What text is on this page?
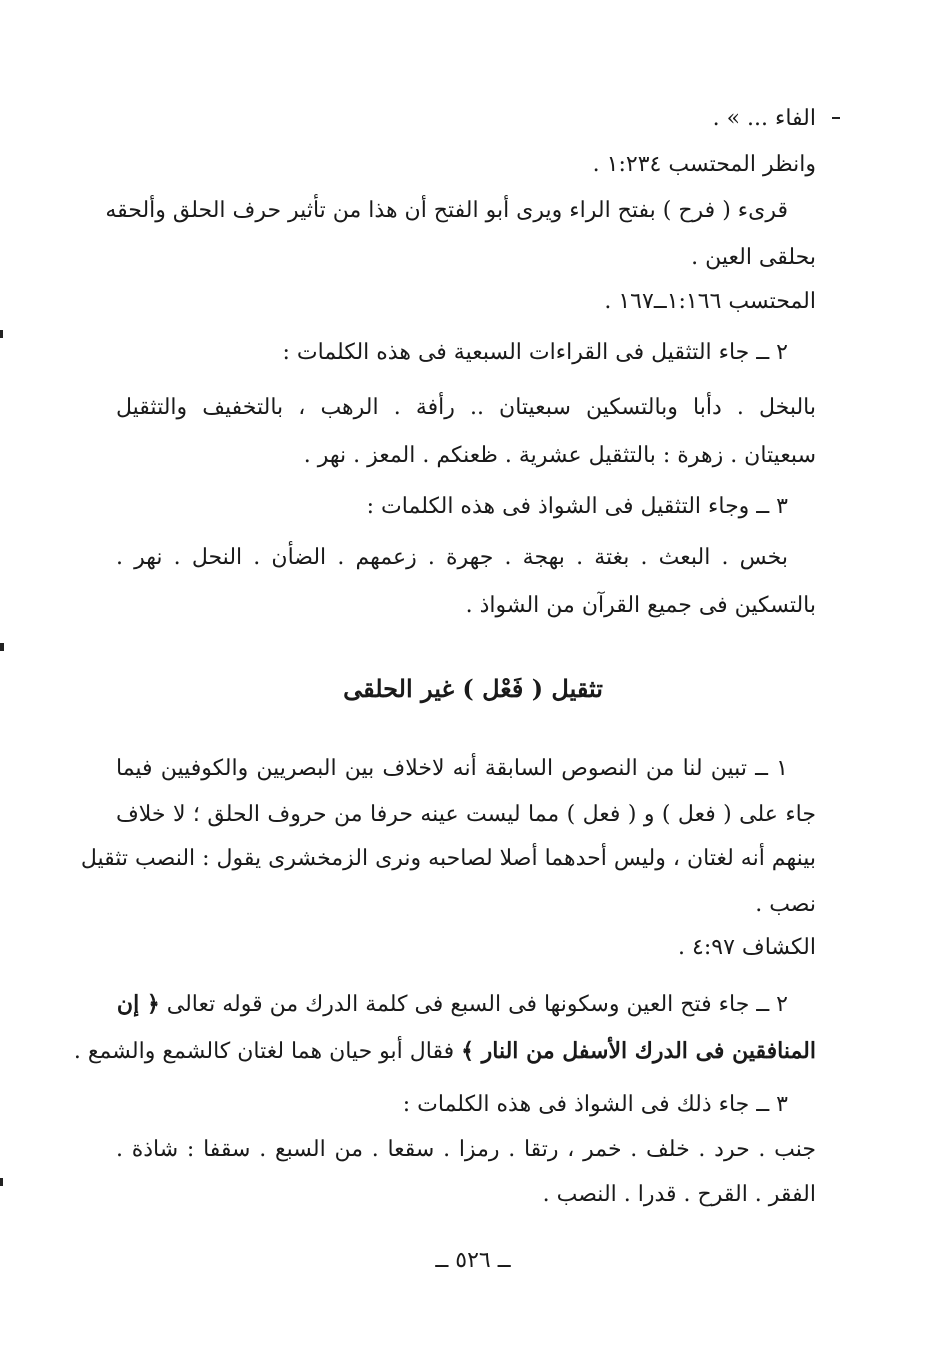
الفاء ... » .
وانظر المحتسب ١:٢٣٤ .
قرىء ( فرح ) بفتح الراء ويرى أبو الفتح أن هذا من تأثير حرف الحلق وألحقه
بحلقى العين .
المحتسب ١:١٦٦ــ١٦٧ .
٢ ــ جاء التثقيل فى القراءات السبعية فى هذه الكلمات :
بالبخل . دأبا وبالتسكين سبعيتان .. رأفة . الرهب ، بالتخفيف والتثقيل
سبعيتان . زهرة : بالتثقيل عشرية . ظعنكم . المعز . نهر .
٣ ــ وجاء التثقيل فى الشواذ فى هذه الكلمات :
بخس . البعث . بغتة . بهجة . جهرة . زعمهم . الضأن . النحل . نهر .
بالتسكين فى جميع القرآن من الشواذ .
تثقيل ( فَعْل ) غير الحلقى
١ ــ تبين لنا من النصوص السابقة أنه لاخلاف بين البصريين والكوفيين فيما
جاء على ( فعل ) و ( فعل ) مما ليست عينه حرفا من حروف الحلق ؛ لا خلاف
بينهم أنه لغتان ، وليس أحدهما أصلا لصاحبه ونرى الزمخشرى يقول : النصب تثقيل
نصب .
الكشاف ٤:٩٧ .
٢ ــ جاء فتح العين وسكونها فى السبع فى كلمة الدرك من قوله تعالى ﴿ إن
المنافقين فى الدرك الأسفل من النار ﴾ فقال أبو حيان هما لغتان كالشمع والشمع .
٣ ــ جاء ذلك فى الشواذ فى هذه الكلمات :
جنب . حرد . خلف . خمر ، رتقا . رمزا . سقعا . من السبع . سقفا : شاذة .
الفقر . القرح . قدرا . النصب .
ــ ٥٢٦ ــ
